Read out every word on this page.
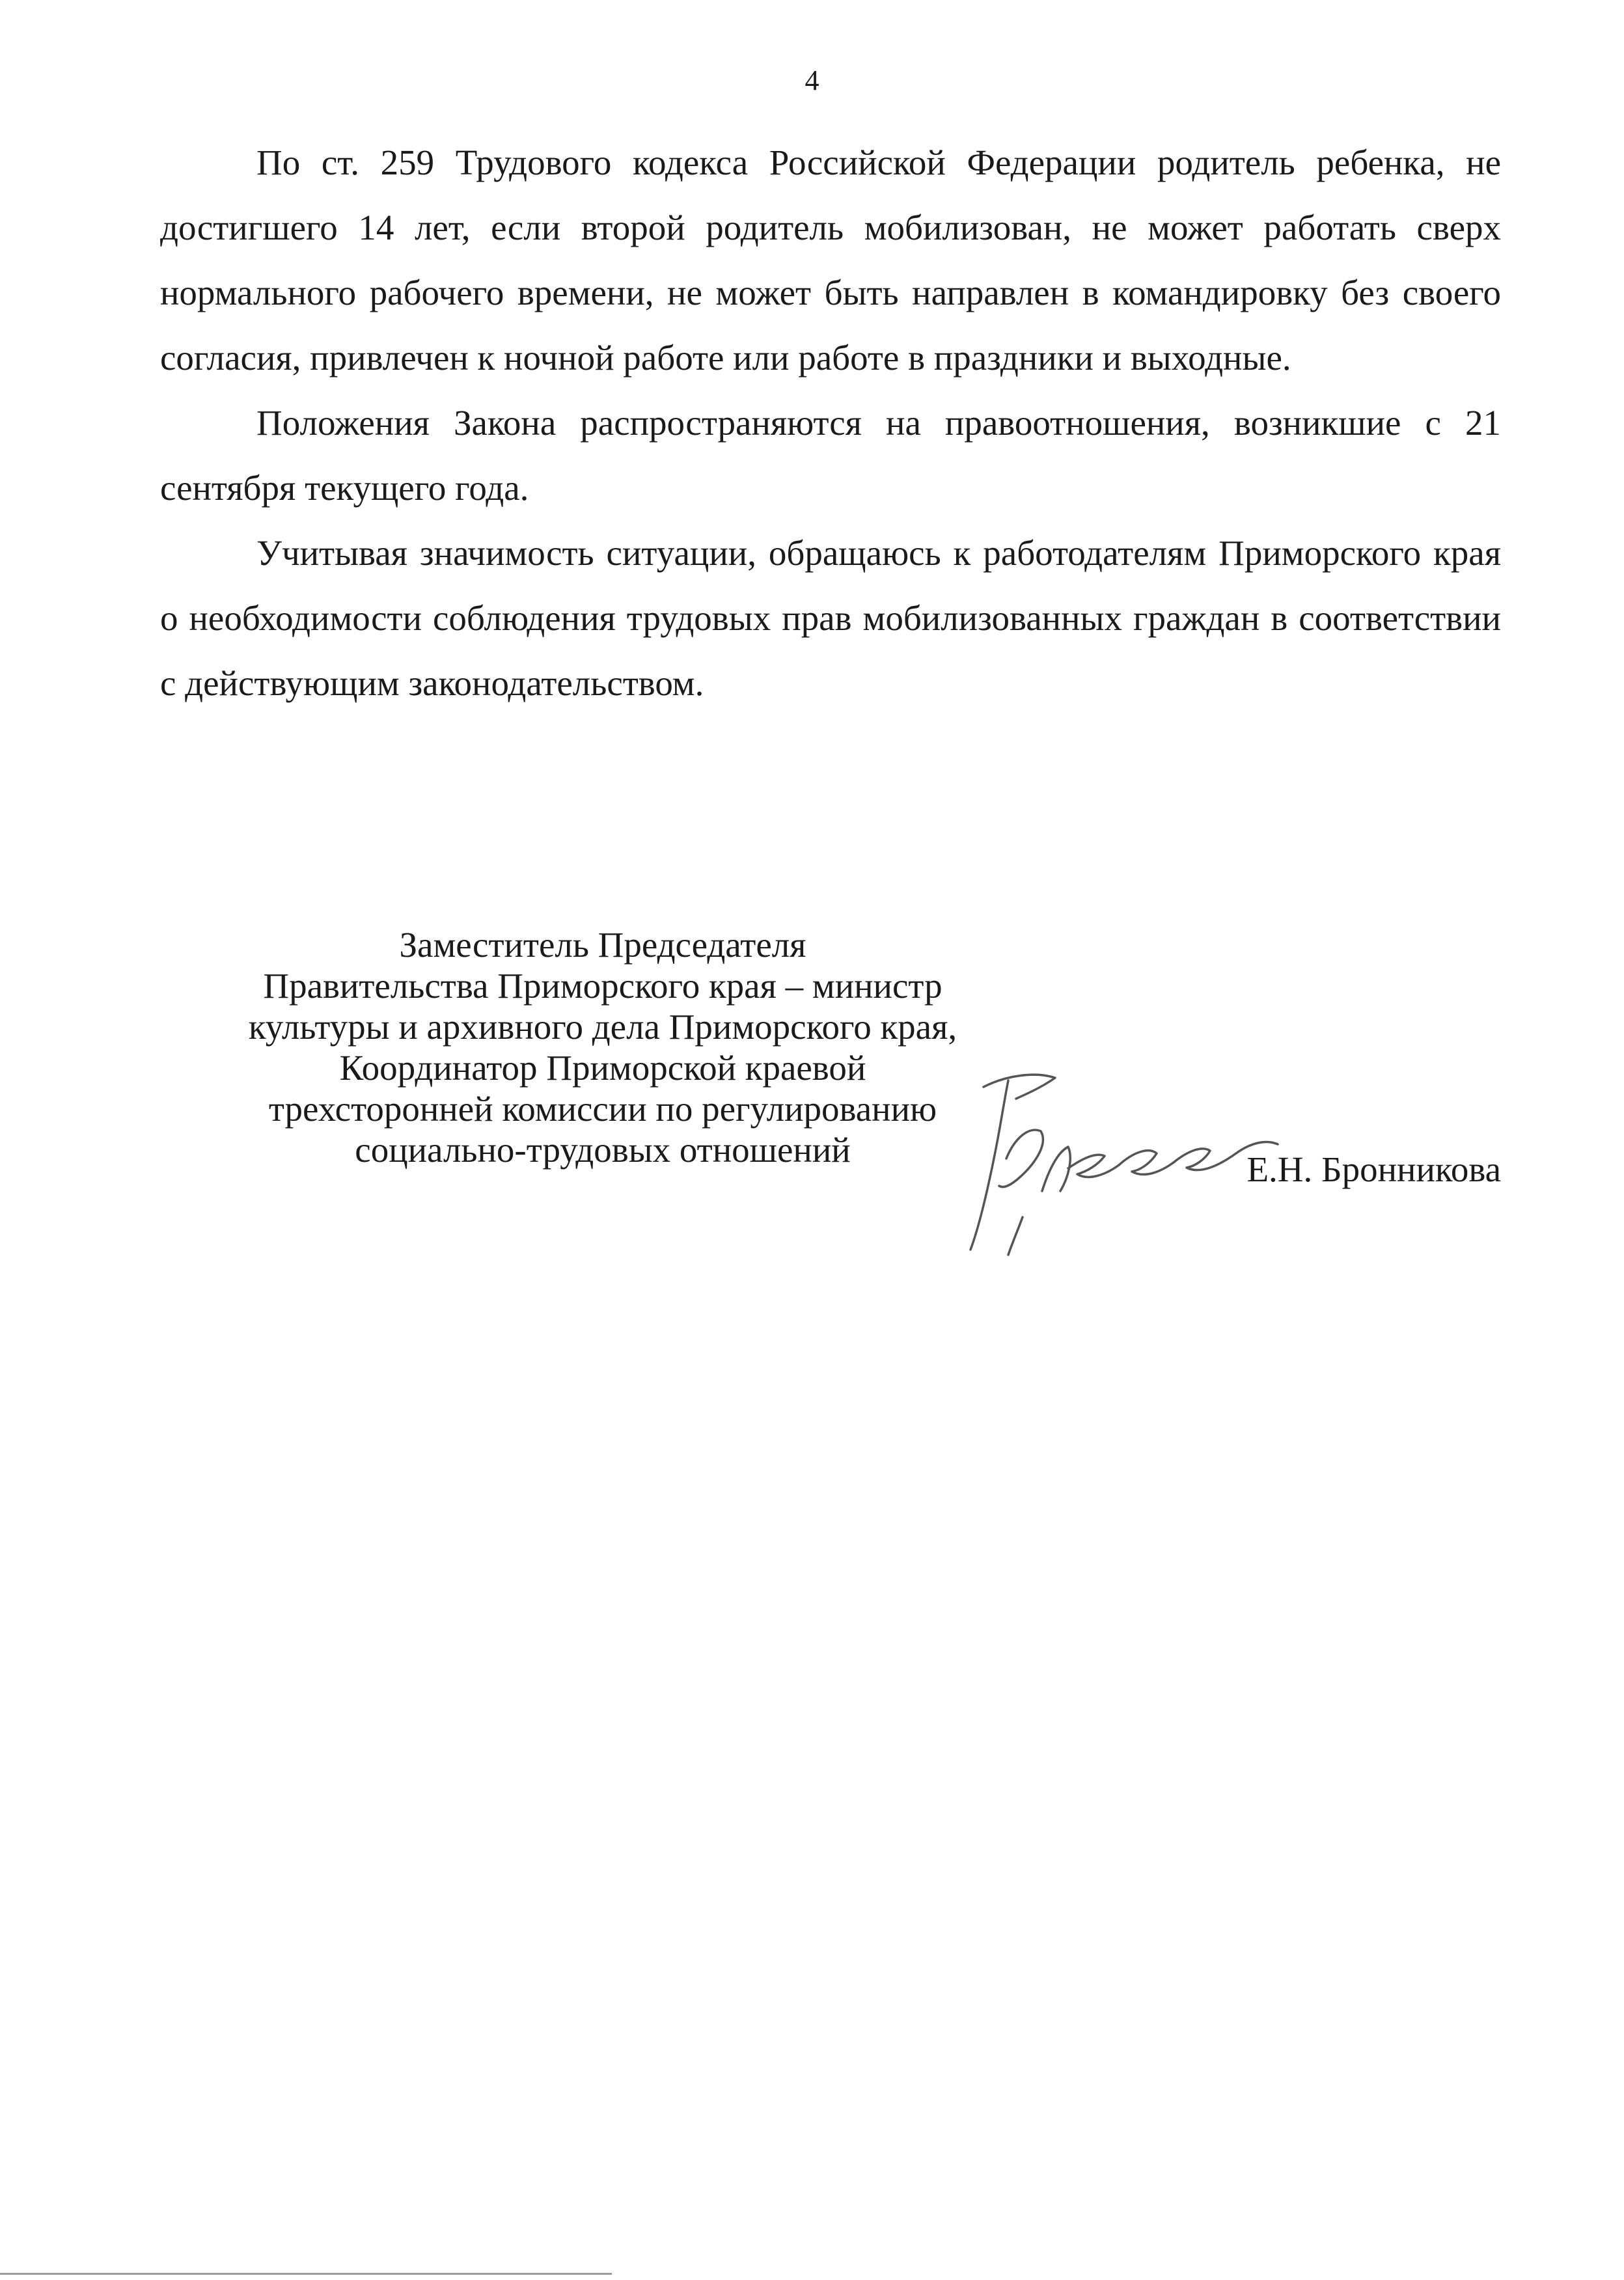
4

По ст. 259 Трудового кодекса Российской Федерации родитель ребенка, не достигшего 14 лет, если второй родитель мобилизован, не может работать сверх нормального рабочего времени, не может быть направлен в командировку без своего согласия, привлечен к ночной работе или работе в праздники и выходные.

Положения Закона распространяются на правоотношения, возникшие с 21 сентября текущего года.

Учитывая значимость ситуации, обращаюсь к работодателям Приморского края о необходимости соблюдения трудовых прав мобилизованных граждан в соответствии с действующим законодательством.

Заместитель Председателя
Правительства Приморского края – министр
культуры и архивного дела Приморского края,
Координатор Приморской краевой
трехсторонней комиссии по регулированию
социально-трудовых отношений	Е.Н. Бронникова
